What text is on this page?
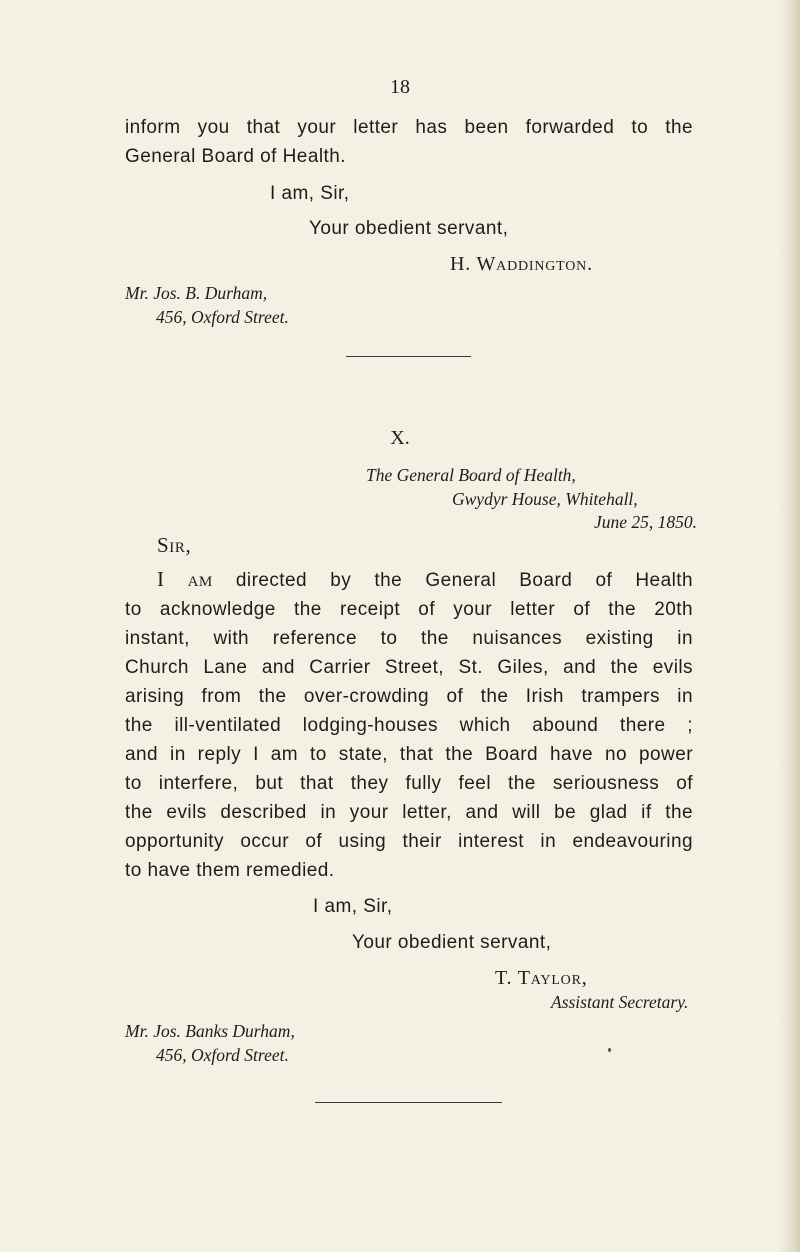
18
inform you that your letter has been forwarded to the
General Board of Health.
I am, Sir,
Your obedient servant,
H. Waddington.
Mr. Jos. B. Durham,
456, Oxford Street.
X.
The General Board of Health,
Gwydyr House, Whitehall,
June 25, 1850.
Sir,
I am directed by the General Board of Health
to acknowledge the receipt of your letter of the 20th
instant, with reference to the nuisances existing in
Church Lane and Carrier Street, St. Giles, and the evils
arising from the over-crowding of the Irish trampers in
the ill-ventilated lodging-houses which abound there ;
and in reply I am to state, that the Board have no power
to interfere, but that they fully feel the seriousness of
the evils described in your letter, and will be glad if the
opportunity occur of using their interest in endeavouring
to have them remedied.
I am, Sir,
Your obedient servant,
T. Taylor,
Assistant Secretary.
Mr. Jos. Banks Durham,
456, Oxford Street.
